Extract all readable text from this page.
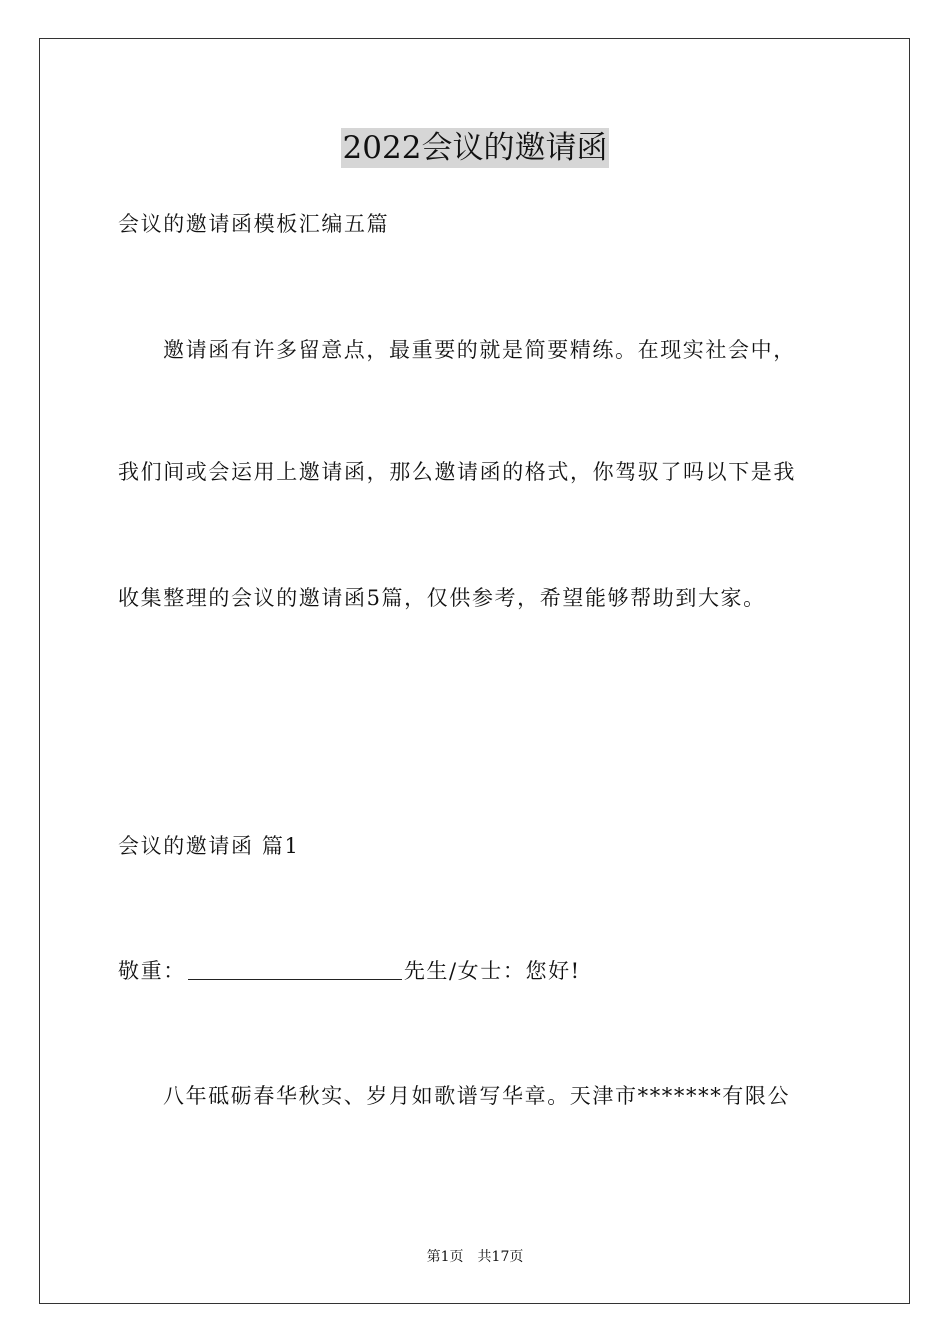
2022会议的邀请函
会议的邀请函模板汇编五篇
邀请函有许多留意点，最重要的就是简要精练。在现实社会中，
我们间或会运用上邀请函，那么邀请函的格式，你驾驭了吗以下是我
收集整理的会议的邀请函5篇，仅供参考，希望能够帮助到大家。
会议的邀请函 篇1
敬重：	先生/女士：您好!
八年砥砺春华秋实、岁月如歌谱写华章。天津市*******有限公
第1页 共17页
